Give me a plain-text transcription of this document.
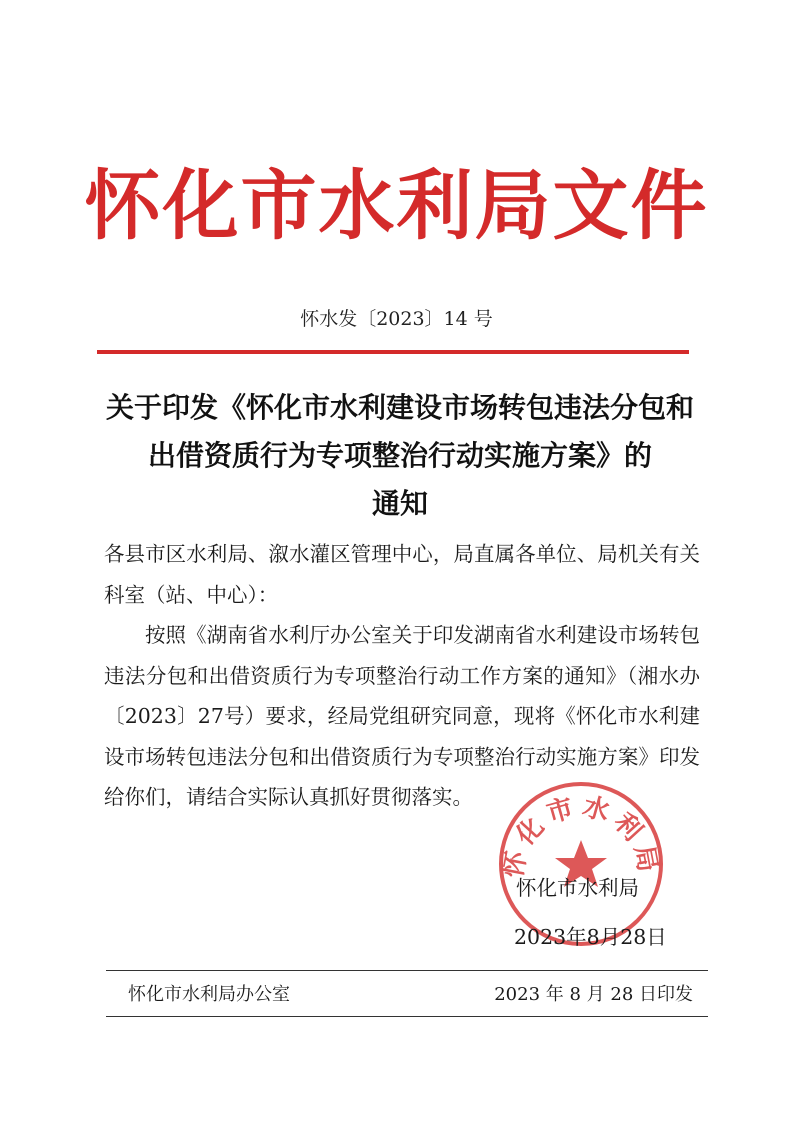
怀化市水利局文件
怀水发〔2023〕14 号
关于印发《怀化市水利建设市场转包违法分包和
出借资质行为专项整治行动实施方案》的
通知

各县市区水利局、溆水灌区管理中心，局直属各单位、局机关有关科室（站、中心）：

按照《湖南省水利厅办公室关于印发湖南省水利建设市场转包违法分包和出借资质行为专项整治行动工作方案的通知》（湘水办〔2023〕27号）要求，经局党组研究同意，现将《怀化市水利建设市场转包违法分包和出借资质行为专项整治行动实施方案》印发给你们，请结合实际认真抓好贯彻落实。

怀化市水利局
怀化市水利局
2023年8月28日
怀化市水利局办公室	2023 年 8 月 28 日印发
